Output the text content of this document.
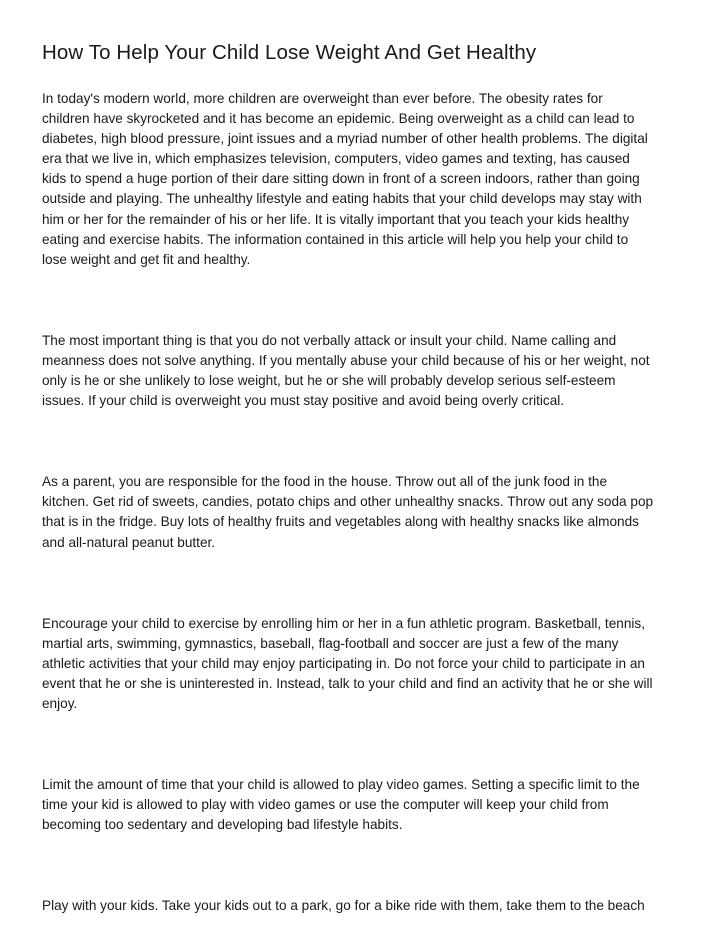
How To Help Your Child Lose Weight And Get Healthy

In today's modern world, more children are overweight than ever before. The obesity rates for
children have skyrocketed and it has become an epidemic. Being overweight as a child can lead to
diabetes, high blood pressure, joint issues and a myriad number of other health problems. The digital
era that we live in, which emphasizes television, computers, video games and texting, has caused
kids to spend a huge portion of their dare sitting down in front of a screen indoors, rather than going
outside and playing. The unhealthy lifestyle and eating habits that your child develops may stay with
him or her for the remainder of his or her life. It is vitally important that you teach your kids healthy
eating and exercise habits. The information contained in this article will help you help your child to
lose weight and get fit and healthy.

The most important thing is that you do not verbally attack or insult your child. Name calling and
meanness does not solve anything. If you mentally abuse your child because of his or her weight, not
only is he or she unlikely to lose weight, but he or she will probably develop serious self-esteem
issues. If your child is overweight you must stay positive and avoid being overly critical.

As a parent, you are responsible for the food in the house. Throw out all of the junk food in the
kitchen. Get rid of sweets, candies, potato chips and other unhealthy snacks. Throw out any soda pop
that is in the fridge. Buy lots of healthy fruits and vegetables along with healthy snacks like almonds
and all-natural peanut butter.

Encourage your child to exercise by enrolling him or her in a fun athletic program. Basketball, tennis,
martial arts, swimming, gymnastics, baseball, flag-football and soccer are just a few of the many
athletic activities that your child may enjoy participating in. Do not force your child to participate in an
event that he or she is uninterested in. Instead, talk to your child and find an activity that he or she will
enjoy.

Limit the amount of time that your child is allowed to play video games. Setting a specific limit to the
time your kid is allowed to play with video games or use the computer will keep your child from
becoming too sedentary and developing bad lifestyle habits.

Play with your kids. Take your kids out to a park, go for a bike ride with them, take them to the beach
